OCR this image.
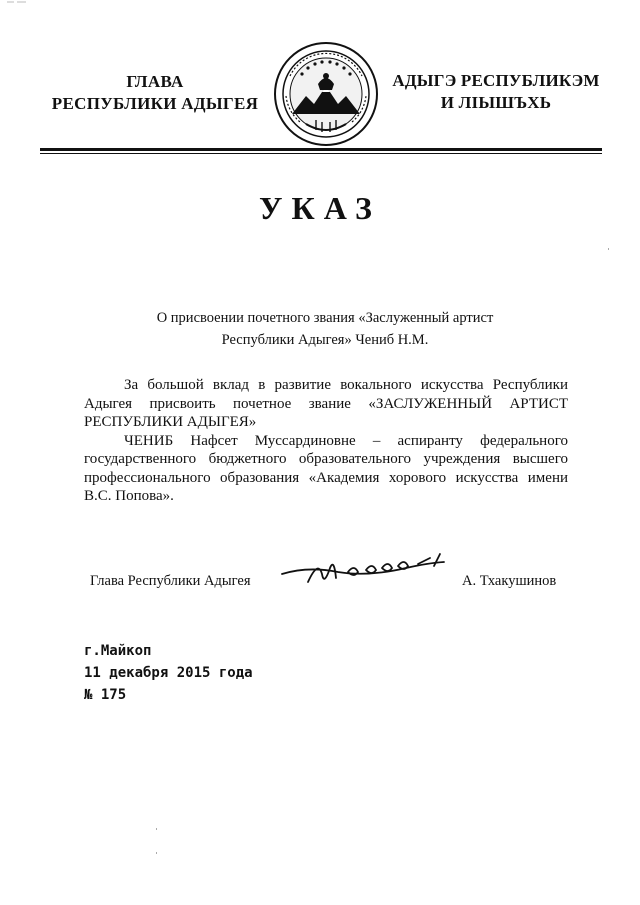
ГЛАВА
РЕСПУБЛИКИ АДЫГЕЯ
АДЫГЭ РЕСПУБЛИКЭМ
И ЛІЫШЪХЬ
УКАЗ
О присвоении почетного звания «Заслуженный артист
Республики Адыгея» Чениб Н.М.

За большой вклад в развитие вокального искусства Республики Адыгея присвоить почетное звание «ЗАСЛУЖЕННЫЙ АРТИСТ РЕСПУБЛИКИ АДЫГЕЯ»

ЧЕНИБ Нафсет Муссардиновне – аспиранту федерального государственного бюджетного образовательного учреждения высшего профессионального образования «Академия хорового искусства имени В.С. Попова».

Глава Республики Адыгея	А. Тхакушинов
г.Майкоп
11 декабря 2015 года
№ 175
